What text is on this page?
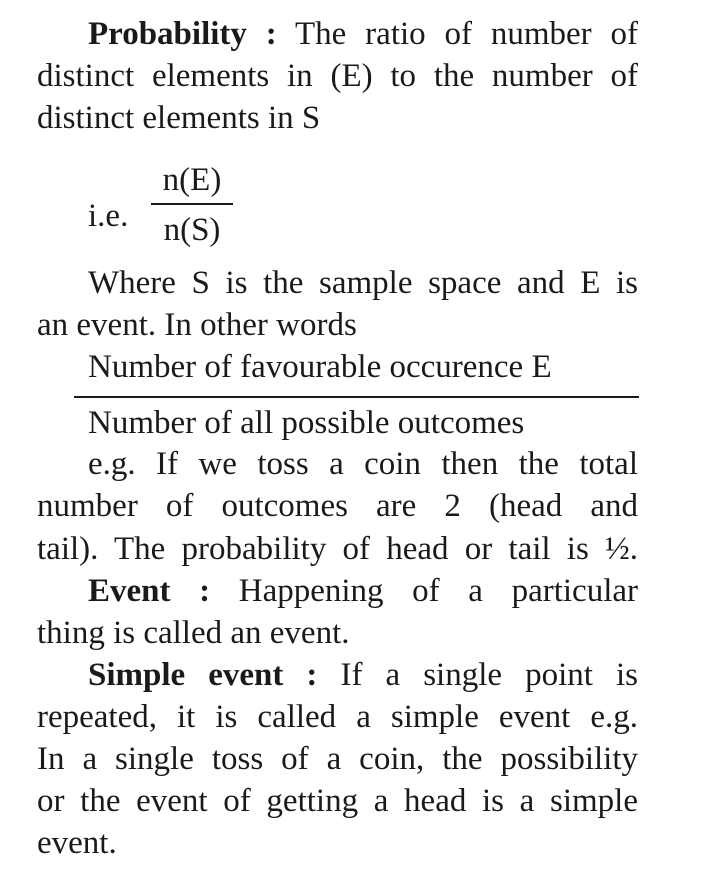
Probability : The ratio of number of

distinct elements in (E) to the number of

distinct elements in S

i.e.
n(E)
n(S)

Where S is the sample space and E is

an event. In other words

Number of favourable occurence E

Number of all possible outcomes

e.g. If we toss a coin then the total

number of outcomes are 2 (head and

tail). The probability of head or tail is ½.

Event : Happening of a particular

thing is called an event.

Simple event : If a single point is

repeated, it is called a simple event e.g.

In a single toss of a coin, the possibility

or the event of getting a head is a simple

event.
